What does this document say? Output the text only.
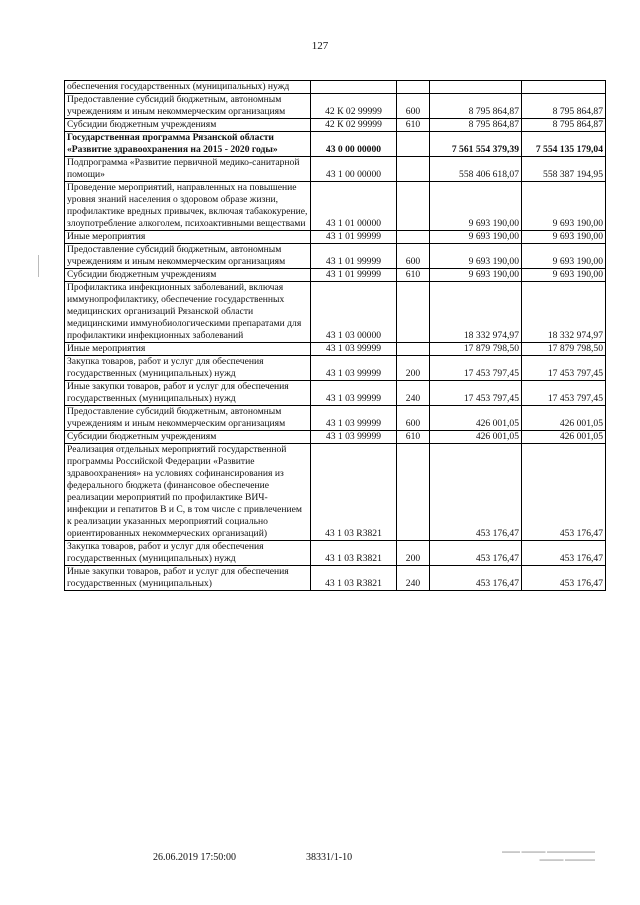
127
обеспечения государственных (муниципальных) нужд				
Предоставление субсидий бюджетным, автономным учреждениям и иным некоммерческим организациям	42 К 02 99999	600	8 795 864,87	8 795 864,87
Субсидии бюджетным учреждениям	42 К 02 99999	610	8 795 864,87	8 795 864,87
Государственная программа Рязанской области «Развитие здравоохранения на 2015 - 2020 годы»	43 0 00 00000		7 561 554 379,39	7 554 135 179,04
Подпрограмма «Развитие первичной медико-санитарной помощи»	43 1 00 00000		558 406 618,07	558 387 194,95
Проведение мероприятий, направленных на повышение уровня знаний населения о здоровом образе жизни, профилактике вредных привычек, включая табакокурение, злоупотребление алкоголем, психоактивными веществами	43 1 01 00000		9 693 190,00	9 693 190,00
Иные мероприятия	43 1 01 99999		9 693 190,00	9 693 190,00
Предоставление субсидий бюджетным, автономным учреждениям и иным некоммерческим организациям	43 1 01 99999	600	9 693 190,00	9 693 190,00
Субсидии бюджетным учреждениям	43 1 01 99999	610	9 693 190,00	9 693 190,00
Профилактика инфекционных заболеваний, включая иммунопрофилактику, обеспечение государственных медицинских организаций Рязанской области медицинскими иммунобиологическими препаратами для профилактики инфекционных заболеваний	43 1 03 00000		18 332 974,97	18 332 974,97
Иные мероприятия	43 1 03 99999		17 879 798,50	17 879 798,50
Закупка товаров, работ и услуг для обеспечения государственных (муниципальных) нужд	43 1 03 99999	200	17 453 797,45	17 453 797,45
Иные закупки товаров, работ и услуг для обеспечения государственных (муниципальных) нужд	43 1 03 99999	240	17 453 797,45	17 453 797,45
Предоставление субсидий бюджетным, автономным учреждениям и иным некоммерческим организациям	43 1 03 99999	600	426 001,05	426 001,05
Субсидии бюджетным учреждениям	43 1 03 99999	610	426 001,05	426 001,05
Реализация отдельных мероприятий государственной программы Российской Федерации «Развитие здравоохранения» на условиях софинансирования из федерального бюджета (финансовое обеспечение реализации мероприятий по профилактике ВИЧ-инфекции и гепатитов В и С, в том числе с привлечением к реализации указанных мероприятий социально ориентированных некоммерческих организаций)	43 1 03 R3821		453 176,47	453 176,47
Закупка товаров, работ и услуг для обеспечения государственных (муниципальных) нужд	43 1 03 R3821	200	453 176,47	453 176,47
Иные закупки товаров, работ и услуг для обеспечения государственных (муниципальных)	43 1 03 R3821	240	453 176,47	453 176,47
26.06.2019 17:50:00	38331/1-10	▬▬▬ ▬▬▬▬ ▬▬▬▬▬▬▬▬
▬▬▬▬ ▬▬▬▬▬
